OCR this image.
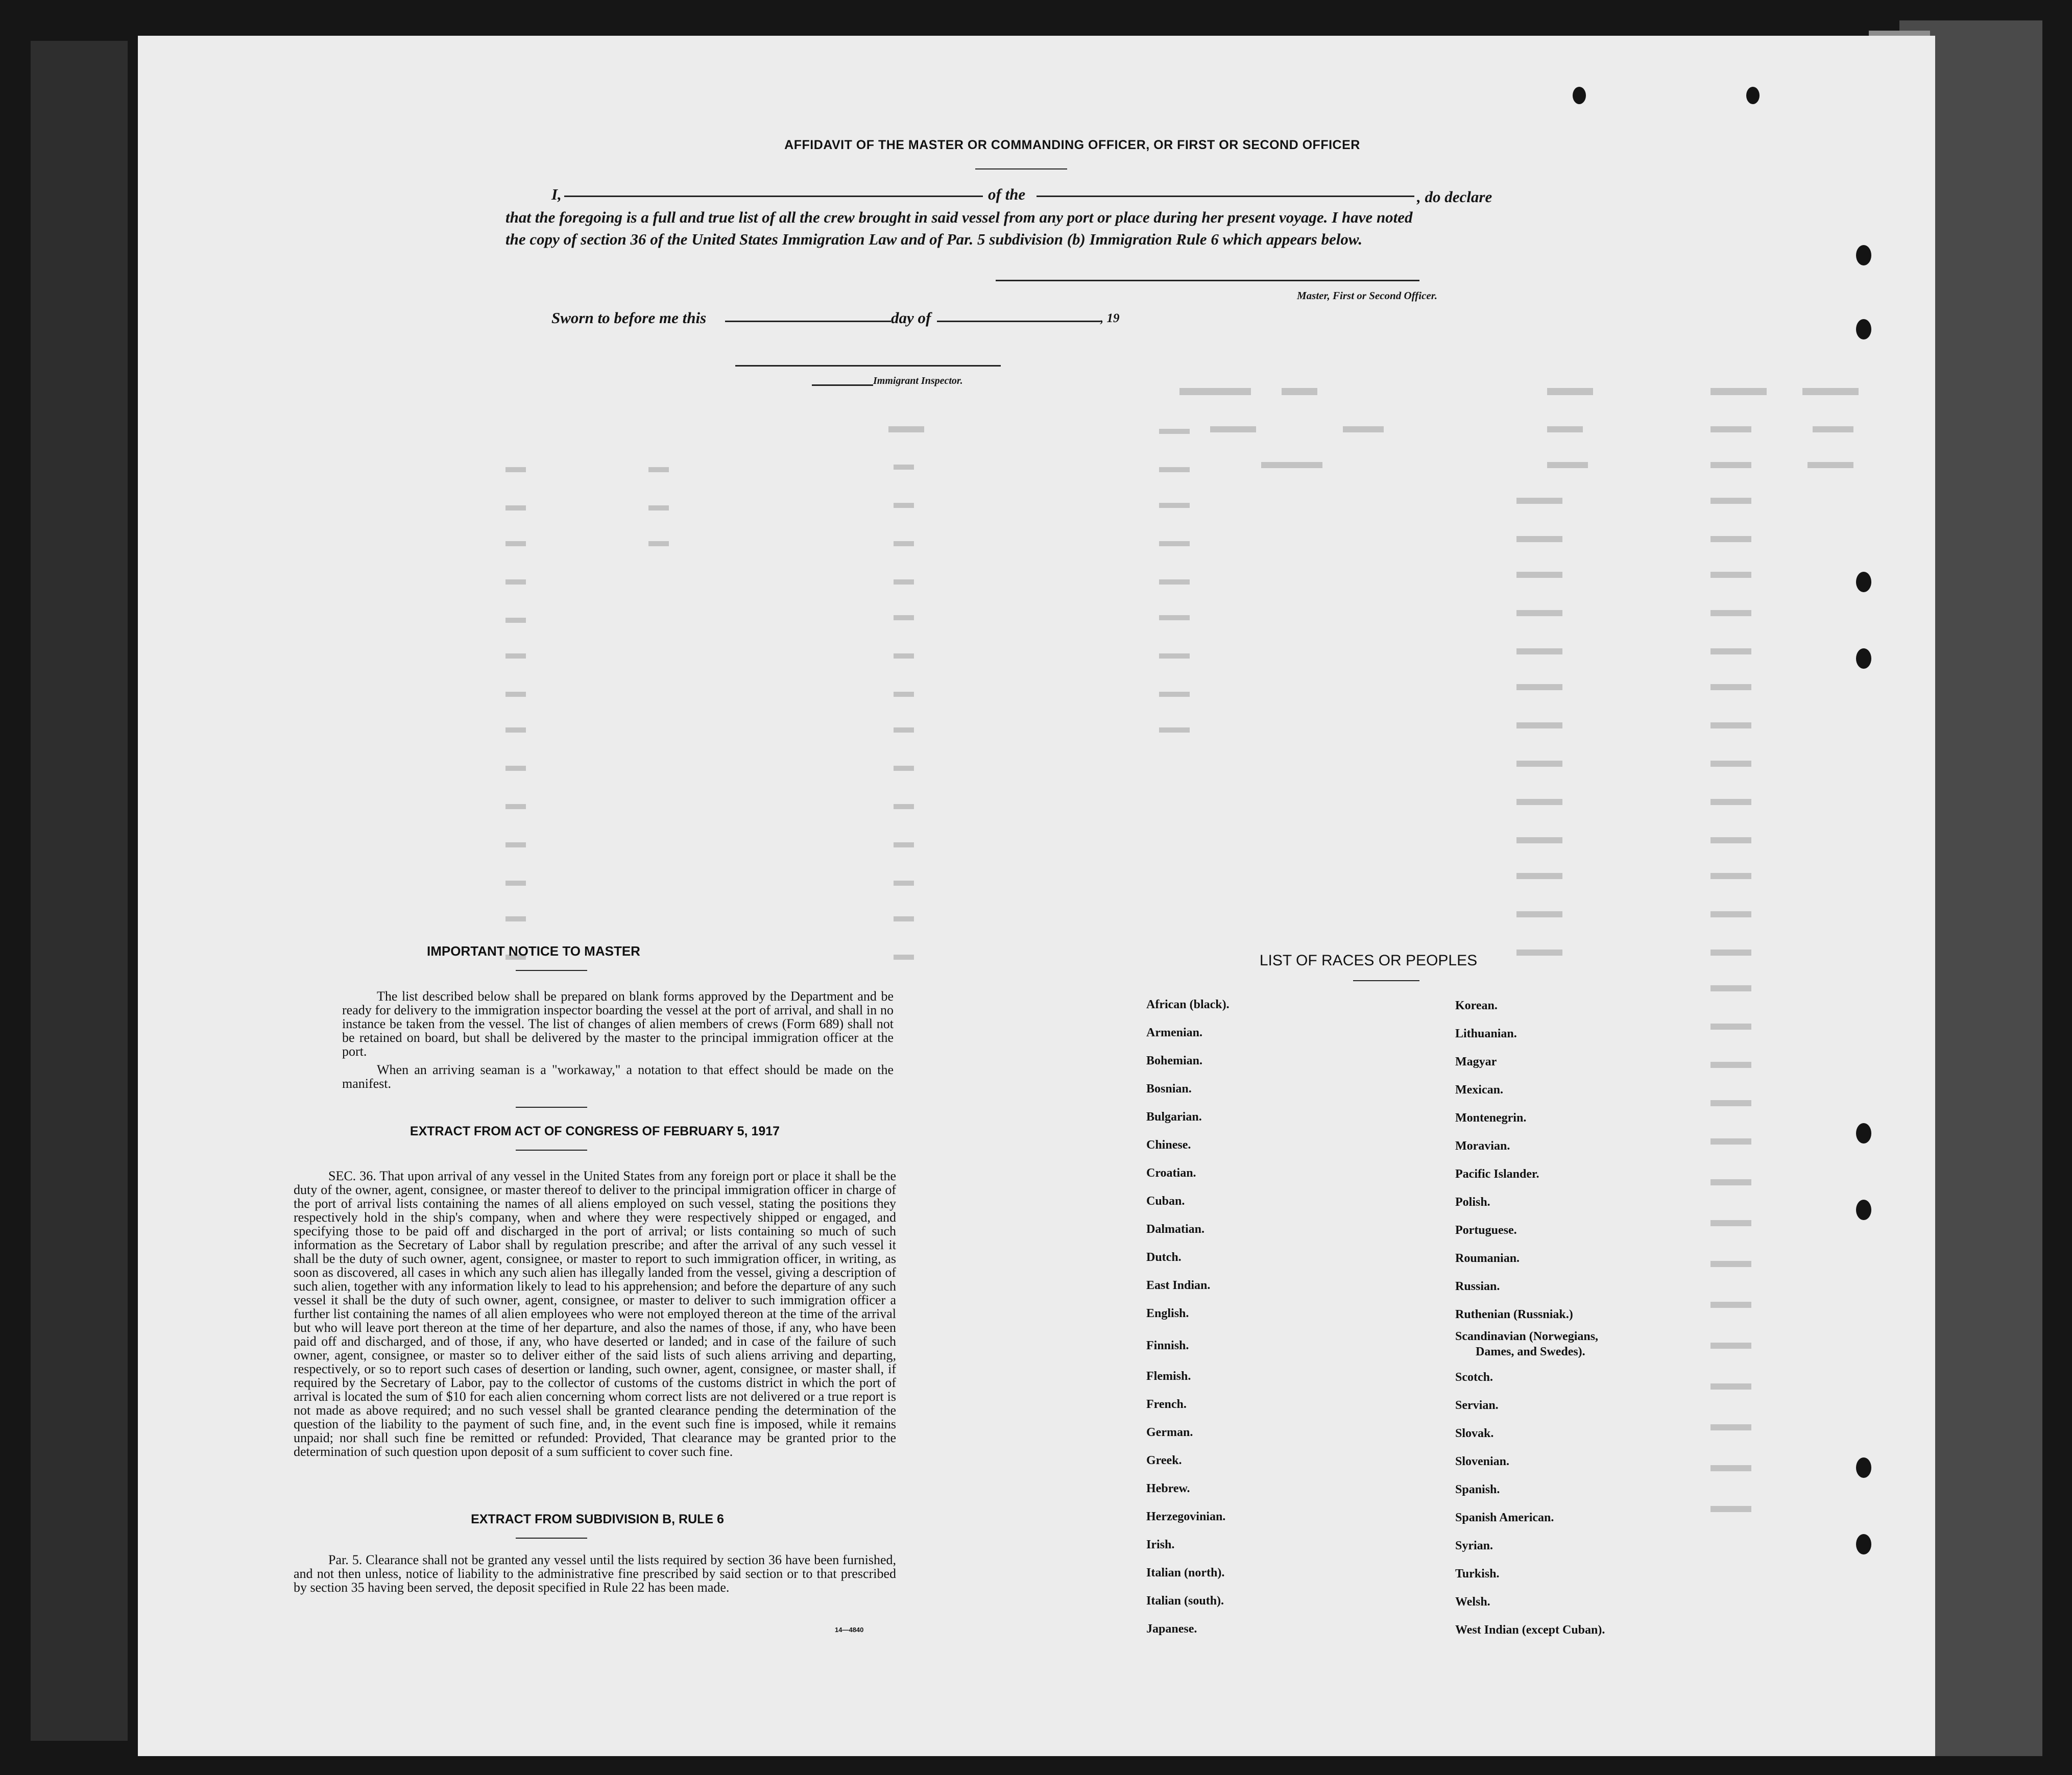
AFFIDAVIT OF THE MASTER OR COMMANDING OFFICER, OR FIRST OR SECOND OFFICER
I,	of the	, do declare
that the foregoing is a full and true list of all the crew brought in said vessel from any port or place during her present voyage. I have noted
the copy of section 36 of the United States Immigration Law and of Par. 5 subdivision (b) Immigration Rule 6 which appears below.
Master, First or Second Officer.
Sworn to before me this	day of	, 19
Immigrant Inspector.
IMPORTANT NOTICE TO MASTER

The list described below shall be prepared on blank forms approved by the Department and be ready for delivery to the immigration inspector boarding the vessel at the port of arrival, and shall in no instance be taken from the vessel. The list of changes of alien members of crews (Form 689) shall not be retained on board, but shall be delivered by the master to the principal immigration officer at the port.

When an arriving seaman is a "workaway," a notation to that effect should be made on the manifest.

EXTRACT FROM ACT OF CONGRESS OF FEBRUARY 5, 1917

SEC. 36. That upon arrival of any vessel in the United States from any foreign port or place it shall be the duty of the owner, agent, consignee, or master thereof to deliver to the principal immigration officer in charge of the port of arrival lists containing the names of all aliens employed on such vessel, stating the positions they respectively hold in the ship's company, when and where they were respectively shipped or engaged, and specifying those to be paid off and discharged in the port of arrival; or lists containing so much of such information as the Secretary of Labor shall by regulation prescribe; and after the arrival of any such vessel it shall be the duty of such owner, agent, consignee, or master to report to such immigration officer, in writing, as soon as discovered, all cases in which any such alien has illegally landed from the vessel, giving a description of such alien, together with any information likely to lead to his apprehension; and before the departure of any such vessel it shall be the duty of such owner, agent, consignee, or master to deliver to such immigration officer a further list containing the names of all alien employees who were not employed thereon at the time of the arrival but who will leave port thereon at the time of her departure, and also the names of those, if any, who have been paid off and discharged, and of those, if any, who have deserted or landed; and in case of the failure of such owner, agent, consignee, or master so to deliver either of the said lists of such aliens arriving and departing, respectively, or so to report such cases of desertion or landing, such owner, agent, consignee, or master shall, if required by the Secretary of Labor, pay to the collector of customs of the customs district in which the port of arrival is located the sum of $10 for each alien concerning whom correct lists are not delivered or a true report is not made as above required; and no such vessel shall be granted clearance pending the determination of the question of the liability to the payment of such fine, and, in the event such fine is imposed, while it remains unpaid; nor shall such fine be remitted or refunded: Provided, That clearance may be granted prior to the determination of such question upon deposit of a sum sufficient to cover such fine.

EXTRACT FROM SUBDIVISION B, RULE 6

Par. 5. Clearance shall not be granted any vessel until the lists required by section 36 have been furnished, and not then unless, notice of liability to the administrative fine prescribed by said section or to that prescribed by section 35 having been served, the deposit specified in Rule 22 has been made.

14—4840
LIST OF RACES OR PEOPLES
African (black).
Armenian.
Bohemian.
Bosnian.
Bulgarian.
Chinese.
Croatian.
Cuban.
Dalmatian.
Dutch.
East Indian.
English.
Finnish.
Flemish.
French.
German.
Greek.
Hebrew.
Herzegovinian.
Irish.
Italian (north).
Italian (south).
Japanese.
Korean.
Lithuanian.
Magyar
Mexican.
Montenegrin.
Moravian.
Pacific Islander.
Polish.
Portuguese.
Roumanian.
Russian.
Ruthenian (Russniak.)
Scandinavian (Norwegians,
Dames, and Swedes).
Scotch.
Servian.
Slovak.
Slovenian.
Spanish.
Spanish American.
Syrian.
Turkish.
Welsh.
West Indian (except Cuban).
